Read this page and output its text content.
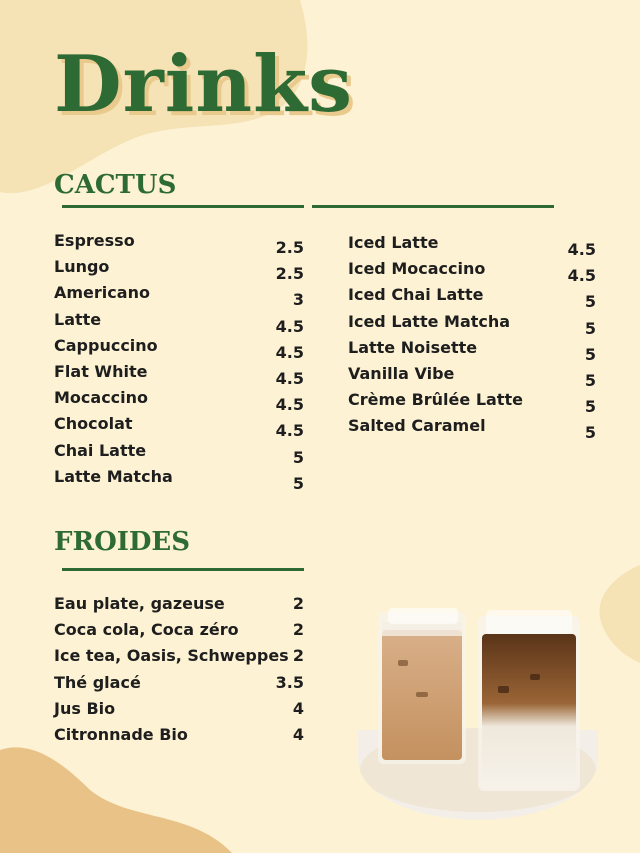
Drinks
CACTUS
Espresso	2.5
Lungo	2.5
Americano	3
Latte	4.5
Cappuccino	4.5
Flat White	4.5
Mocaccino	4.5
Chocolat	4.5
Chai Latte	5
Latte Matcha	5
Iced Latte	4.5
Iced Mocaccino	4.5
Iced Chai Latte	5
Iced Latte Matcha	5
Latte Noisette	5
Vanilla Vibe	5
Crème Brûlée Latte	5
Salted Caramel	5
FROIDES
Eau plate, gazeuse	2
Coca cola, Coca zéro	2
Ice tea, Oasis, Schweppes 2
Thé glacé	3.5
Jus Bio	4
Citronnade Bio	4
